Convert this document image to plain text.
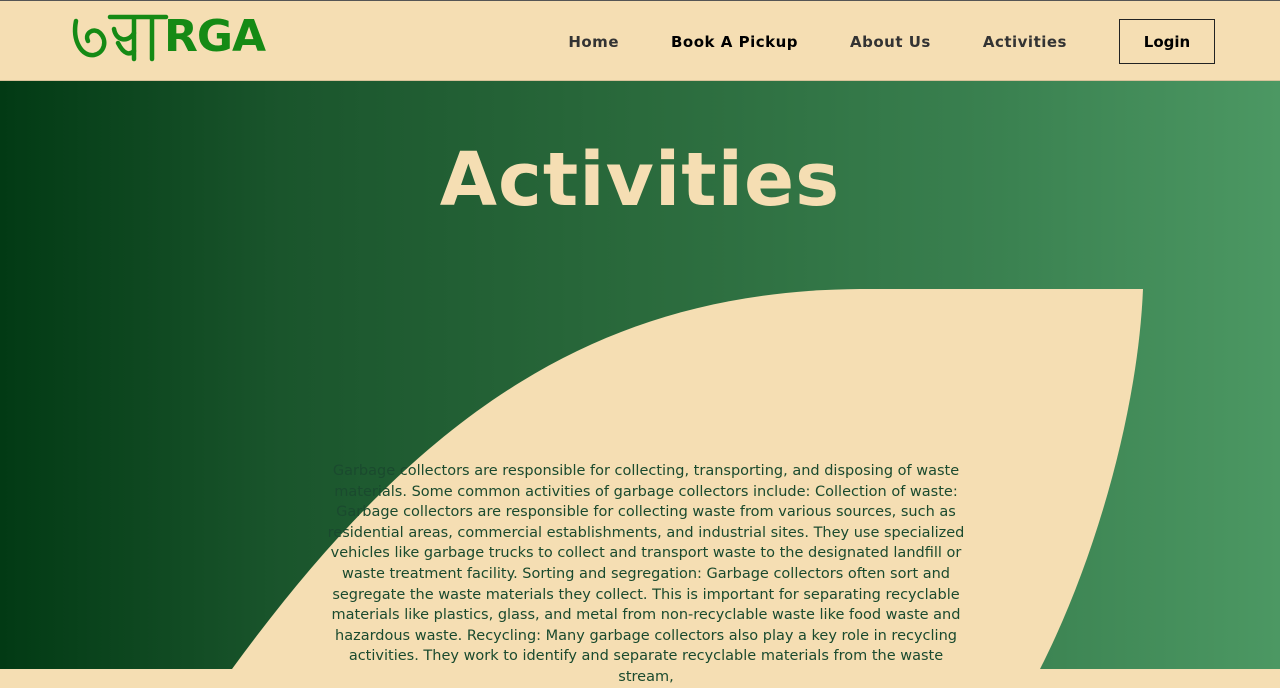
RGA	Home	Book A Pickup	About Us	Activities	Login
Activities

Garbage collectors are responsible for collecting, transporting, and disposing of waste materials. Some common activities of garbage collectors include: Collection of waste: Garbage collectors are responsible for collecting waste from various sources, such as residential areas, commercial establishments, and industrial sites. They use specialized vehicles like garbage trucks to collect and transport waste to the designated landfill or waste treatment facility. Sorting and segregation: Garbage collectors often sort and segregate the waste materials they collect. This is important for separating recyclable materials like plastics, glass, and metal from non-recyclable waste like food waste and hazardous waste. Recycling: Many garbage collectors also play a key role in recycling activities. They work to identify and separate recyclable materials from the waste stream,
